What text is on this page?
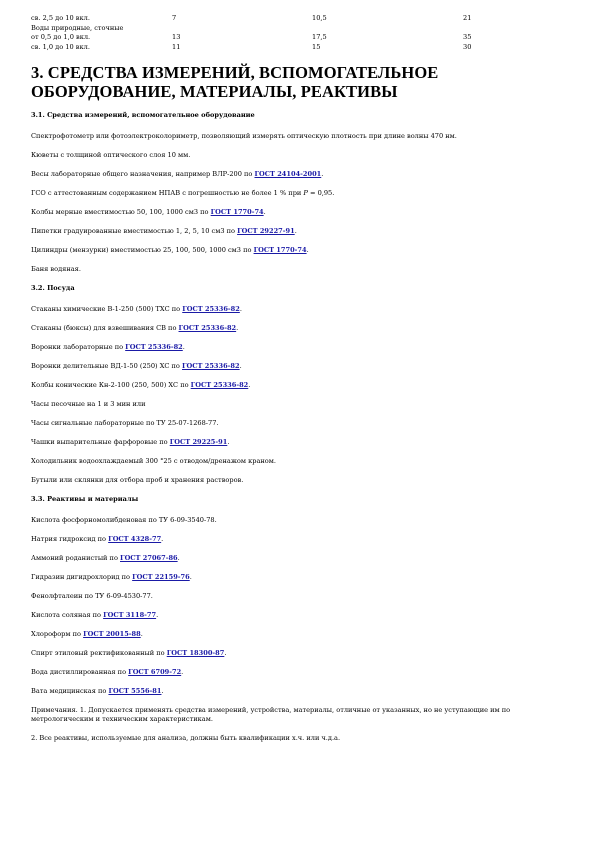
св. 2,5 до 10 вкл.	7	10,5	21
Воды природные, сточные
от 0,5 до 1,0 вкл.	13	17,5	35
св. 1,0 до 10 вкл.	11	15	30
3. СРЕДСТВА ИЗМЕРЕНИЙ, ВСПОМОГАТЕЛЬНОЕ
ОБОРУДОВАНИЕ, МАТЕРИАЛЫ, РЕАКТИВЫ
3.1. Средства измерений, вспомогательное оборудование
Спектрофотометр или фотоэлектроколориметр, позволяющий измерять оптическую плотность при длине волны 470 нм.
Кюветы с толщиной оптического слоя 10 мм.
Весы лабораторные общего назначения, например ВЛР-200 по ГОСТ 24104-2001.
ГСО с аттестованным содержанием НПАВ с погрешностью не более 1 % при Р = 0,95.
Колбы мерные вместимостью 50, 100, 1000 см3 по ГОСТ 1770-74.
Пипетки градуированные вместимостью 1, 2, 5, 10 см3 по ГОСТ 29227-91.
Цилиндры (мензурки) вместимостью 25, 100, 500, 1000 см3 по ГОСТ 1770-74.
Баня водяная.
3.2. Посуда
Стаканы химические В-1-250 (500) ТХС по ГОСТ 25336-82.
Стаканы (бюксы) для взвешивания СВ по ГОСТ 25336-82.
Воронки лабораторные по ГОСТ 25336-82.
Воронки делительные ВД-1-50 (250) ХС по ГОСТ 25336-82.
Колбы конические Кн-2-100 (250, 500) ХС по ГОСТ 25336-82.
Часы песочные на 1 и 3 мин или
Часы сигнальные лабораторные по ТУ 25-07-1268-77.
Чашки выпарительные фарфоровые по ГОСТ 29225-91.
Холодильник водоохлаждаемый 300 °25 с отводом/дренажом краном.
Бутыли или склянки для отбора проб и хранения растворов.
3.3. Реактивы и материалы
Кислота фосфорномолибденовая по ТУ 6-09-3540-78.
Натрия гидроксид по ГОСТ 4328-77.
Аммоний роданистый по ГОСТ 27067-86.
Гидразин дигидрохлорид по ГОСТ 22159-76.
Фенолфталеин по ТУ 6-09-4530-77.
Кислота соляная по ГОСТ 3118-77.
Хлороформ по ГОСТ 20015-88.
Спирт этиловый ректификованный по ГОСТ 18300-87.
Вода дистиллированная по ГОСТ 6709-72.
Вата медицинская по ГОСТ 5556-81.
Примечания. 1. Допускается применять средства измерений, устройства, материалы, отличные от указанных, но не уступающие им по метрологическим и техническим характеристикам.
2. Все реактивы, используемые для анализа, должны быть квалификации х.ч. или ч.д.а.
